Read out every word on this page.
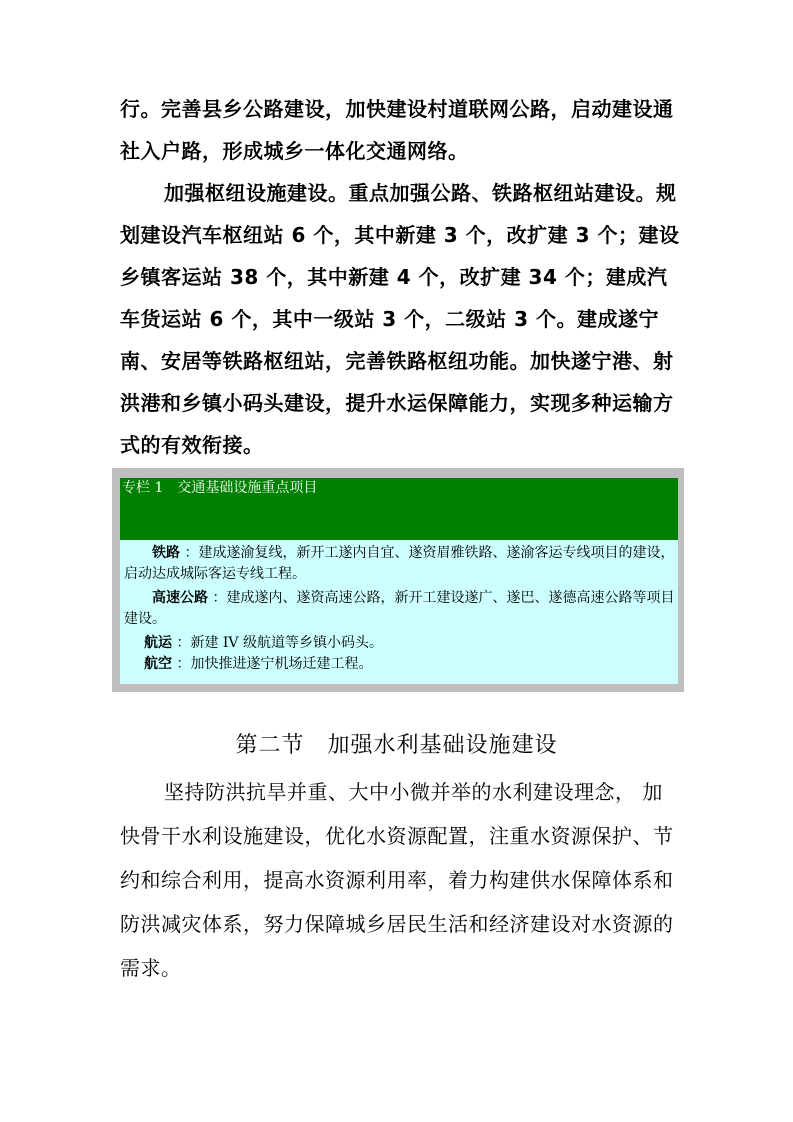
行。完善县乡公路建设，加快建设村道联网公路，启动建设通社入户路，形成城乡一体化交通网络。

加强枢纽设施建设。重点加强公路、铁路枢纽站建设。规划建设汽车枢纽站 6 个，其中新建 3 个，改扩建 3 个；建设乡镇客运站 38 个，其中新建 4 个，改扩建 34 个；建成汽车货运站 6 个，其中一级站 3 个，二级站 3 个。建成遂宁南、安居等铁路枢纽站，完善铁路枢纽功能。加快遂宁港、射洪港和乡镇小码头建设，提升水运保障能力，实现多种运输方式的有效衔接。

专栏 1　交通基础设施重点项目

铁路 ：建成遂渝复线，新开工遂内自宜、遂资眉雅铁路、遂渝客运专线项目的建设，启动达成城际客运专线工程。

高速公路 ：建成遂内、遂资高速公路，新开工建设遂广、遂巴、遂德高速公路等项目建设。

航运 ：新建 IV 级航道等乡镇小码头。

航空 ：加快推进遂宁机场迁建工程。

第二节　加强水利基础设施建设

坚持防洪抗旱并重、大中小微并举的水利建设理念， 加快骨干水利设施建设，优化水资源配置，注重水资源保护、节约和综合利用，提高水资源利用率，着力构建供水保障体系和防洪减灾体系，努力保障城乡居民生活和经济建设对水资源的需求。
